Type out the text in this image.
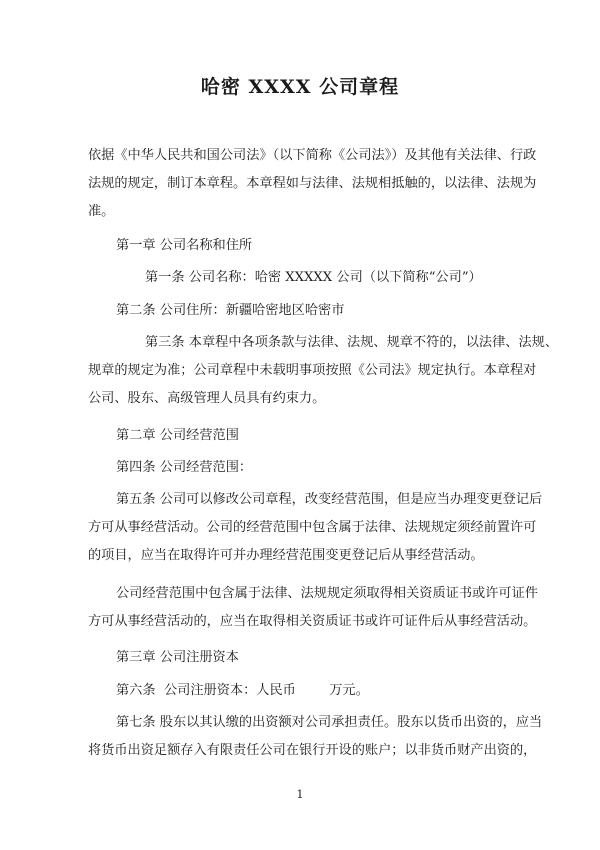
哈密 XXXX 公司章程
依据《中华人民共和国公司法》（以下简称《公司法》）及其他有关法律、行政
法规的规定，制订本章程。本章程如与法律、法规相抵触的，以法律、法规为
准。
第一章 公司名称和住所
第一条 公司名称：哈密 XXXXX 公司（以下简称“公司”）
第二条 公司住所：新疆哈密地区哈密市
第三条 本章程中各项条款与法律、法规、规章不符的，以法律、法规、
规章的规定为准；公司章程中未载明事项按照《公司法》规定执行。本章程对
公司、股东、高级管理人员具有约束力。
第二章 公司经营范围
第四条 公司经营范围：
第五条 公司可以修改公司章程，改变经营范围，但是应当办理变更登记后
方可从事经营活动。公司的经营范围中包含属于法律、法规规定须经前置许可
的项目，应当在取得许可并办理经营范围变更登记后从事经营活动。
公司经营范围中包含属于法律、法规规定须取得相关资质证书或许可证件
方可从事经营活动的，应当在取得相关资质证书或许可证件后从事经营活动。
第三章 公司注册资本
第六条  公司注册资本：人民币        万元。
第七条 股东以其认缴的出资额对公司承担责任。股东以货币出资的，应当
将货币出资足额存入有限责任公司在银行开设的账户；以非货币财产出资的，
1
